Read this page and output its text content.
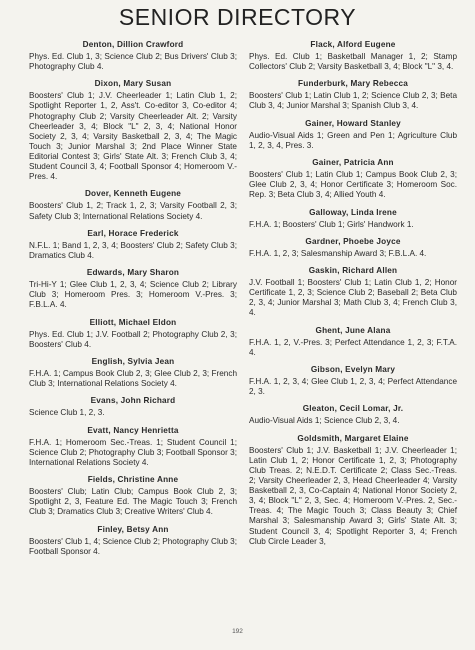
SENIOR DIRECTORY
Denton, Dillion Crawford
Phys. Ed. Club 1, 3; Science Club 2; Bus Drivers' Club 3; Photography Club 4.
Dixon, Mary Susan
Boosters' Club 1; J.V. Cheerleader 1; Latin Club 1, 2; Spotlight Reporter 1, 2, Ass't. Co-editor 3, Co-editor 4; Photography Club 2; Varsity Cheerleader Alt. 2; Varsity Cheerleader 3, 4; Block "L" 2, 3, 4; National Honor Society 2, 3, 4; Varsity Basketball 2, 3, 4; The Magic Touch 3; Junior Marshal 3; 2nd Place Winner State Editorial Contest 3; Girls' State Alt. 3; French Club 3, 4; Student Council 3, 4; Football Sponsor 4; Homeroom V.-Pres. 4.
Dover, Kenneth Eugene
Boosters' Club 1, 2; Track 1, 2, 3; Varsity Football 2, 3; Safety Club 3; International Relations Society 4.
Earl, Horace Frederick
N.F.L. 1; Band 1, 2, 3, 4; Boosters' Club 2; Safety Club 3; Dramatics Club 4.
Edwards, Mary Sharon
Tri-Hi-Y 1; Glee Club 1, 2, 3, 4; Science Club 2; Library Club 3; Homeroom Pres. 3; Homeroom V.-Pres. 3; F.B.L.A. 4.
Elliott, Michael Eldon
Phys. Ed. Club 1; J.V. Football 2; Photography Club 2, 3; Boosters' Club 4.
English, Sylvia Jean
F.H.A. 1; Campus Book Club 2, 3; Glee Club 2, 3; French Club 3; International Relations Society 4.
Evans, John Richard
Science Club 1, 2, 3.
Evatt, Nancy Henrietta
F.H.A. 1; Homeroom Sec.-Treas. 1; Student Council 1; Science Club 2; Photography Club 3; Football Sponsor 3; International Relations Society 4.
Fields, Christine Anne
Boosters' Club; Latin Club; Campus Book Club 2, 3; Spotlight 2, 3, Feature Ed. The Magic Touch 3; French Club 3; Dramatics Club 3; Creative Writers' Club 4.
Finley, Betsy Ann
Boosters' Club 1, 4; Science Club 2; Photography Club 3; Football Sponsor 4.
Flack, Alford Eugene
Phys. Ed. Club 1; Basketball Manager 1, 2; Stamp Collectors' Club 2; Varsity Basketball 3, 4; Block "L" 3, 4.
Funderburk, Mary Rebecca
Boosters' Club 1; Latin Club 1, 2; Science Club 2, 3; Beta Club 3, 4; Junior Marshal 3; Spanish Club 3, 4.
Gainer, Howard Stanley
Audio-Visual Aids 1; Green and Pen 1; Agriculture Club 1, 2, 3, 4, Pres. 3.
Gainer, Patricia Ann
Boosters' Club 1; Latin Club 1; Campus Book Club 2, 3; Glee Club 2, 3, 4; Honor Certificate 3; Homeroom Soc. Rep. 3; Beta Club 3, 4; Allied Youth 4.
Galloway, Linda Irene
F.H.A. 1; Boosters' Club 1; Girls' Handwork 1.
Gardner, Phoebe Joyce
F.H.A. 1, 2, 3; Salesmanship Award 3; F.B.L.A. 4.
Gaskin, Richard Allen
J.V. Football 1; Boosters' Club 1; Latin Club 1, 2; Honor Certificate 1, 2, 3; Science Club 2; Baseball 2; Beta Club 2, 3, 4; Junior Marshal 3; Math Club 3, 4; French Club 3, 4.
Ghent, June Alana
F.H.A. 1, 2, V.-Pres. 3; Perfect Attendance 1, 2, 3; F.T.A. 4.
Gibson, Evelyn Mary
F.H.A. 1, 2, 3, 4; Glee Club 1, 2, 3, 4; Perfect Attendance 2, 3.
Gleaton, Cecil Lomar, Jr.
Audio-Visual Aids 1; Science Club 2, 3, 4.
Goldsmith, Margaret Elaine
Boosters' Club 1; J.V. Basketball 1; J.V. Cheerleader 1; Latin Club 1, 2; Honor Certificate 1, 2, 3; Photography Club Treas. 2; N.E.D.T. Certificate 2; Class Sec.-Treas. 2; Varsity Cheerleader 2, 3, Head Cheerleader 4; Varsity Basketball 2, 3, Co-Captain 4; National Honor Society 2, 3, 4; Block "L" 2, 3, Sec. 4; Homeroom V.-Pres. 2, Sec.-Treas. 4; The Magic Touch 3; Class Beauty 3; Chief Marshal 3; Salesmanship Award 3; Girls' State Alt. 3; Student Council 3, 4; Spotlight Reporter 3, 4; French Club Circle Leader 3,
192
